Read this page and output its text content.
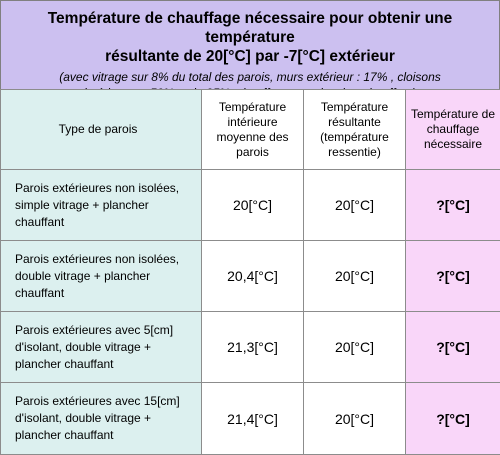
Température de chauffage nécessaire pour obtenir une température
résultante de 20[°C] par -7[°C] extérieur
(avec vitrage sur 8% du total des parois, murs extérieur : 17% , cloisons
Type de parois	Température intérieure moyenne des parois	Température résultante (température ressentie)	Température de chauffage nécessaire
Parois extérieures non isolées, simple vitrage + plancher chauffant	20[°C]	20[°C]	?[°C]
Parois extérieures non isolées, double vitrage + plancher chauffant	20,4[°C]	20[°C]	?[°C]
Parois extérieures avec 5[cm] d'isolant, double vitrage + plancher chauffant	21,3[°C]	20[°C]	?[°C]
Parois extérieures avec 15[cm] d'isolant, double vitrage + plancher chauffant	21,4[°C]	20[°C]	?[°C]
